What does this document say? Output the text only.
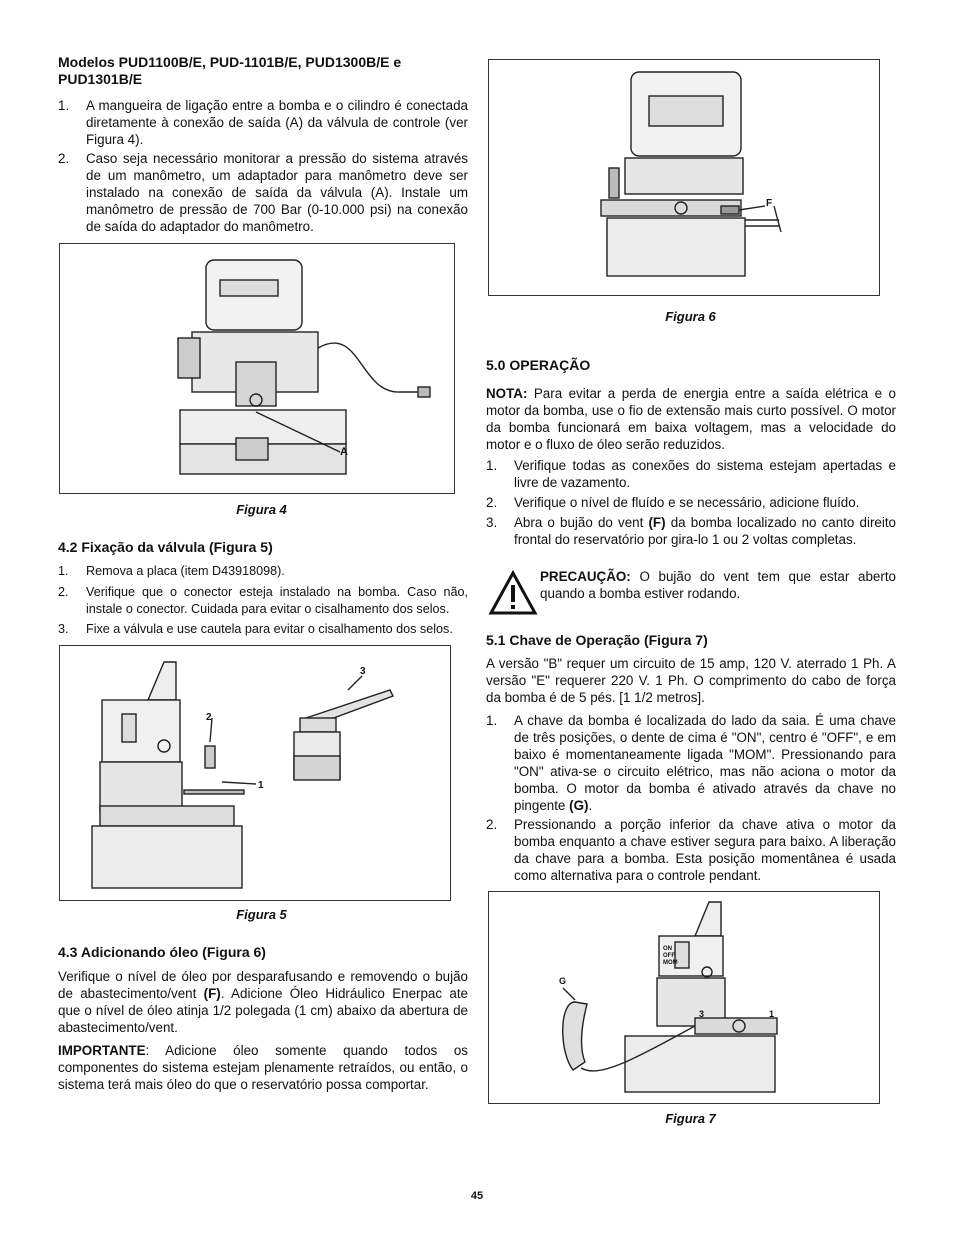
Modelos PUD1100B/E, PUD-1101B/E, PUD1300B/E e PUD1301B/E
1. A mangueira de ligação entre a bomba e o cilindro é conectada diretamente à conexão de saída (A) da válvula de controle (ver Figura 4).
2. Caso seja necessário monitorar a pressão do sistema através de um manômetro, um adaptador para manômetro deve ser instalado na conexão de saída da válvula (A). Instale um manômetro de pressão de 700 Bar (0-10.000 psi) na conexão de saída do adaptador do manômetro.
A
Figura 4
4.2 Fixação da válvula (Figura 5)
1. Remova a placa (item D43918098).
2. Verifique que o conector esteja instalado na bomba. Caso não, instale o conector. Cuidada para evitar o cisalhamento dos selos.
3. Fixe a válvula e use cautela para evitar o cisalhamento dos selos.
2
1
3
Figura 5
4.3 Adicionando óleo (Figura 6)

Verifique o nível de óleo por desparafusando e removendo o bujão de abastecimento/vent (F). Adicione Óleo Hidráulico Enerpac ate que o nível de óleo atinja 1/2 polegada (1 cm) abaixo da abertura de abastecimento/vent.

IMPORTANTE: Adicione óleo somente quando todos os componentes do sistema estejam plenamente retraídos, ou então, o sistema terá mais óleo do que o reservatório possa comportar.

F
Figura 6
5.0 OPERAÇÃO

NOTA: Para evitar a perda de energia entre a saída elétrica e o motor da bomba, use o fio de extensão mais curto possível. O motor da bomba funcionará em baixa voltagem, mas a velocidade do motor e o fluxo de óleo serão reduzidos.

1. Verifique todas as conexões do sistema estejam apertadas e livre de vazamento.
2. Verifique o nível de fluído e se necessário, adicione fluído.
3. Abra o bujão do vent (F) da bomba localizado no canto direito frontal do reservatório por gira-lo 1 ou 2 voltas completas.

PRECAUÇÃO: O bujão do vent tem que estar aberto quando a bomba estiver rodando.

5.1 Chave de Operação (Figura 7)

A versão "B" requer um circuito de 15 amp, 120 V. aterrado 1 Ph. A versão "E" requerer 220 V. 1 Ph. O comprimento do cabo de força da bomba é de 5 pés. [1 1/2 metros].

1. A chave da bomba é localizada do lado da saia. É uma chave de três posições, o dente de cima é "ON", centro é "OFF", e em baixo é momentaneamente ligada "MOM". Pressionando para "ON" ativa-se o circuito elétrico, mas não aciona o motor da bomba. O motor da bomba é ativado através da chave no pingente (G).
2. Pressionando a porção inferior da chave ativa o motor da bomba enquanto a chave estiver segura para baixo. A liberação da chave para a bomba. Esta posição momentânea é usada como alternativa para o controle pendant.
G
3	1
ON
OFF
MOM
Figura 7
45
